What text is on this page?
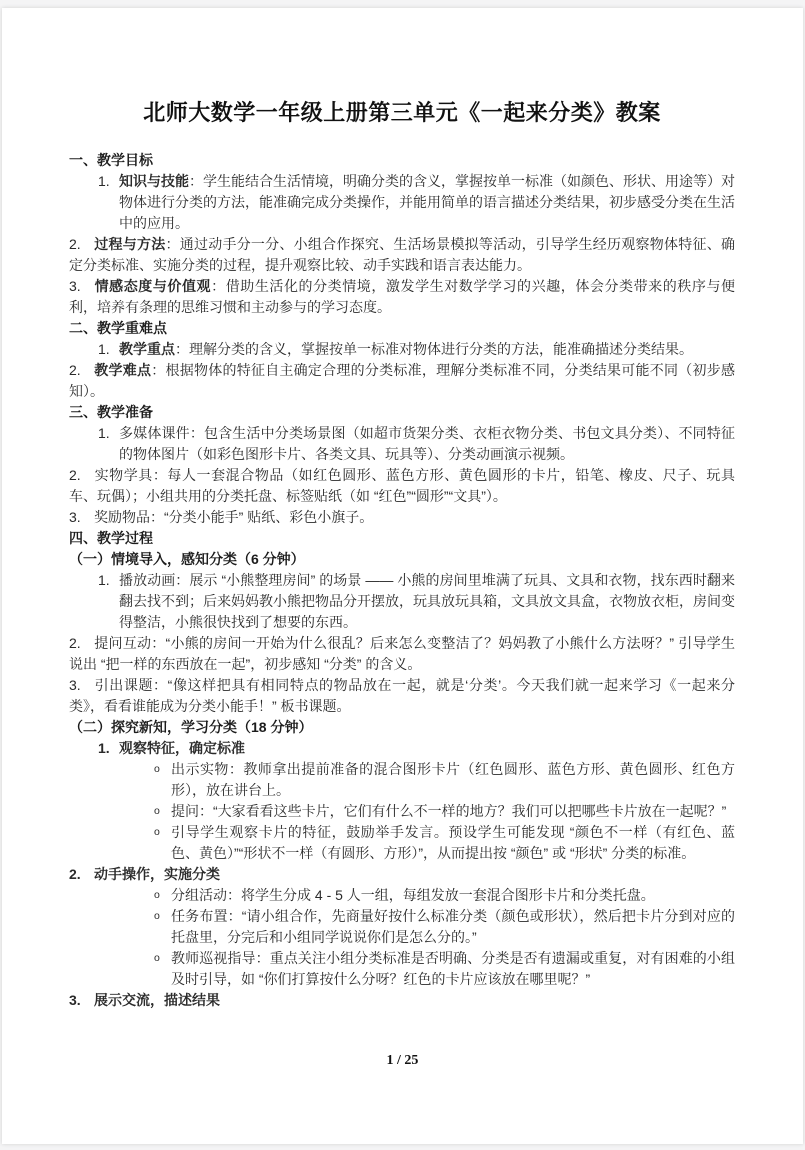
北师大数学一年级上册第三单元《一起来分类》教案
一、教学目标
1. 知识与技能：学生能结合生活情境，明确分类的含义，掌握按单一标准（如颜色、形状、用途等）对物体进行分类的方法，能准确完成分类操作，并能用简单的语言描述分类结果，初步感受分类在生活中的应用。
2. 过程与方法：通过动手分一分、小组合作探究、生活场景模拟等活动，引导学生经历观察物体特征、确定分类标准、实施分类的过程，提升观察比较、动手实践和语言表达能力。
3. 情感态度与价值观：借助生活化的分类情境，激发学生对数学学习的兴趣，体会分类带来的秩序与便利，培养有条理的思维习惯和主动参与的学习态度。
二、教学重难点
1. 教学重点：理解分类的含义，掌握按单一标准对物体进行分类的方法，能准确描述分类结果。
2. 教学难点：根据物体的特征自主确定合理的分类标准，理解分类标准不同，分类结果可能不同（初步感知）。
三、教学准备
1. 多媒体课件：包含生活中分类场景图（如超市货架分类、衣柜衣物分类、书包文具分类）、不同特征的物体图片（如彩色图形卡片、各类文具、玩具等）、分类动画演示视频。
2. 实物学具：每人一套混合物品（如红色圆形、蓝色方形、黄色圆形的卡片，铅笔、橡皮、尺子、玩具车、玩偶）；小组共用的分类托盘、标签贴纸（如 “红色”“圆形”“文具”）。
3. 奖励物品：“分类小能手” 贴纸、彩色小旗子。
四、教学过程
（一）情境导入，感知分类（6 分钟）
1. 播放动画：展示 “小熊整理房间” 的场景 —— 小熊的房间里堆满了玩具、文具和衣物，找东西时翻来翻去找不到；后来妈妈教小熊把物品分开摆放，玩具放玩具箱，文具放文具盒，衣物放衣柜，房间变得整洁，小熊很快找到了想要的东西。
2. 提问互动：“小熊的房间一开始为什么很乱？后来怎么变整洁了？妈妈教了小熊什么方法呀？” 引导学生说出 “把一样的东西放在一起”，初步感知 “分类” 的含义。
3. 引出课题：“像这样把具有相同特点的物品放在一起，就是‘分类’。今天我们就一起来学习《一起来分类》，看看谁能成为分类小能手！” 板书课题。
（二）探究新知，学习分类（18 分钟）
1. 观察特征，确定标准
o 出示实物：教师拿出提前准备的混合图形卡片（红色圆形、蓝色方形、黄色圆形、红色方形），放在讲台上。
o 提问：“大家看看这些卡片，它们有什么不一样的地方？我们可以把哪些卡片放在一起呢？”
o 引导学生观察卡片的特征，鼓励举手发言。预设学生可能发现 “颜色不一样（有红色、蓝色、黄色）”“形状不一样（有圆形、方形）”，从而提出按 “颜色” 或 “形状” 分类的标准。
2. 动手操作，实施分类
o 分组活动：将学生分成 4 - 5 人一组，每组发放一套混合图形卡片和分类托盘。
o 任务布置：“请小组合作，先商量好按什么标准分类（颜色或形状），然后把卡片分到对应的托盘里，分完后和小组同学说说你们是怎么分的。”
o 教师巡视指导：重点关注小组分类标准是否明确、分类是否有遗漏或重复，对有困难的小组及时引导，如 “你们打算按什么分呀？红色的卡片应该放在哪里呢？”
3. 展示交流，描述结果
1 / 25
